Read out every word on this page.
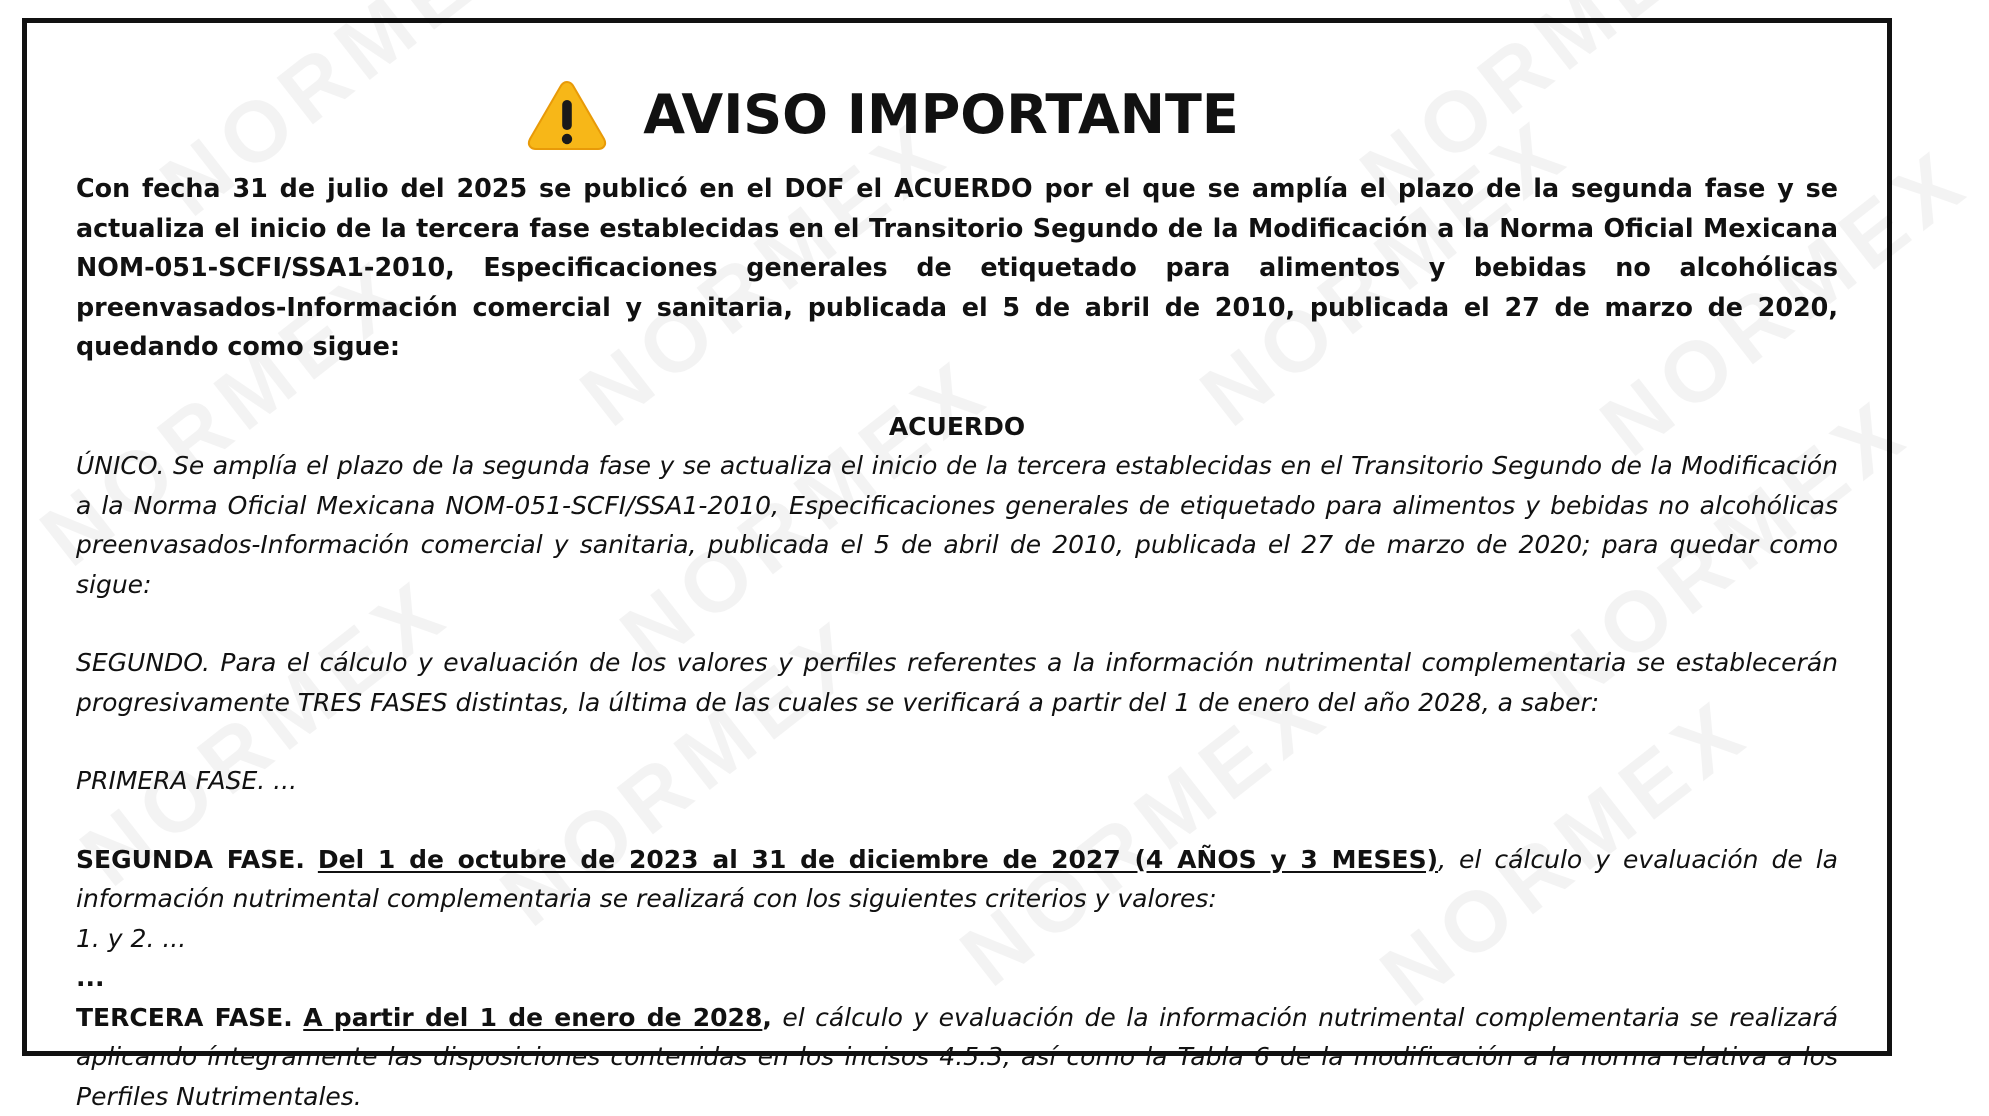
AVISO IMPORTANTE

Con fecha 31 de julio del 2025 se publicó en el DOF el ACUERDO por el que se amplía el plazo de la segunda fase y se actualiza el inicio de la tercera fase establecidas en el Transitorio Segundo de la Modificación a la Norma Oficial Mexicana NOM-051-SCFI/SSA1-2010, Especificaciones generales de etiquetado para alimentos y bebidas no alcohólicas preenvasados-Información comercial y sanitaria, publicada el 5 de abril de 2010, publicada el 27 de marzo de 2020, quedando como sigue:

ACUERDO

ÚNICO. Se amplía el plazo de la segunda fase y se actualiza el inicio de la tercera establecidas en el Transitorio Segundo de la Modificación a la Norma Oficial Mexicana NOM-051-SCFI/SSA1-2010, Especificaciones generales de etiquetado para alimentos y bebidas no alcohólicas preenvasados-Información comercial y sanitaria, publicada el 5 de abril de 2010, publicada el 27 de marzo de 2020; para quedar como sigue:

SEGUNDO. Para el cálculo y evaluación de los valores y perfiles referentes a la información nutrimental complementaria se establecerán progresivamente TRES FASES distintas, la última de las cuales se verificará a partir del 1 de enero del año 2028, a saber:

PRIMERA FASE. ...

SEGUNDA FASE. Del 1 de octubre de 2023 al 31 de diciembre de 2027 (4 AÑOS y 3 MESES), el cálculo y evaluación de la información nutrimental complementaria se realizará con los siguientes criterios y valores:

1. y 2. ...

...

TERCERA FASE. A partir del 1 de enero de 2028, el cálculo y evaluación de la información nutrimental complementaria se realizará aplicando íntegramente las disposiciones contenidas en los incisos 4.5.3, así como la Tabla 6 de la modificación a la norma relativa a los Perfiles Nutrimentales.
